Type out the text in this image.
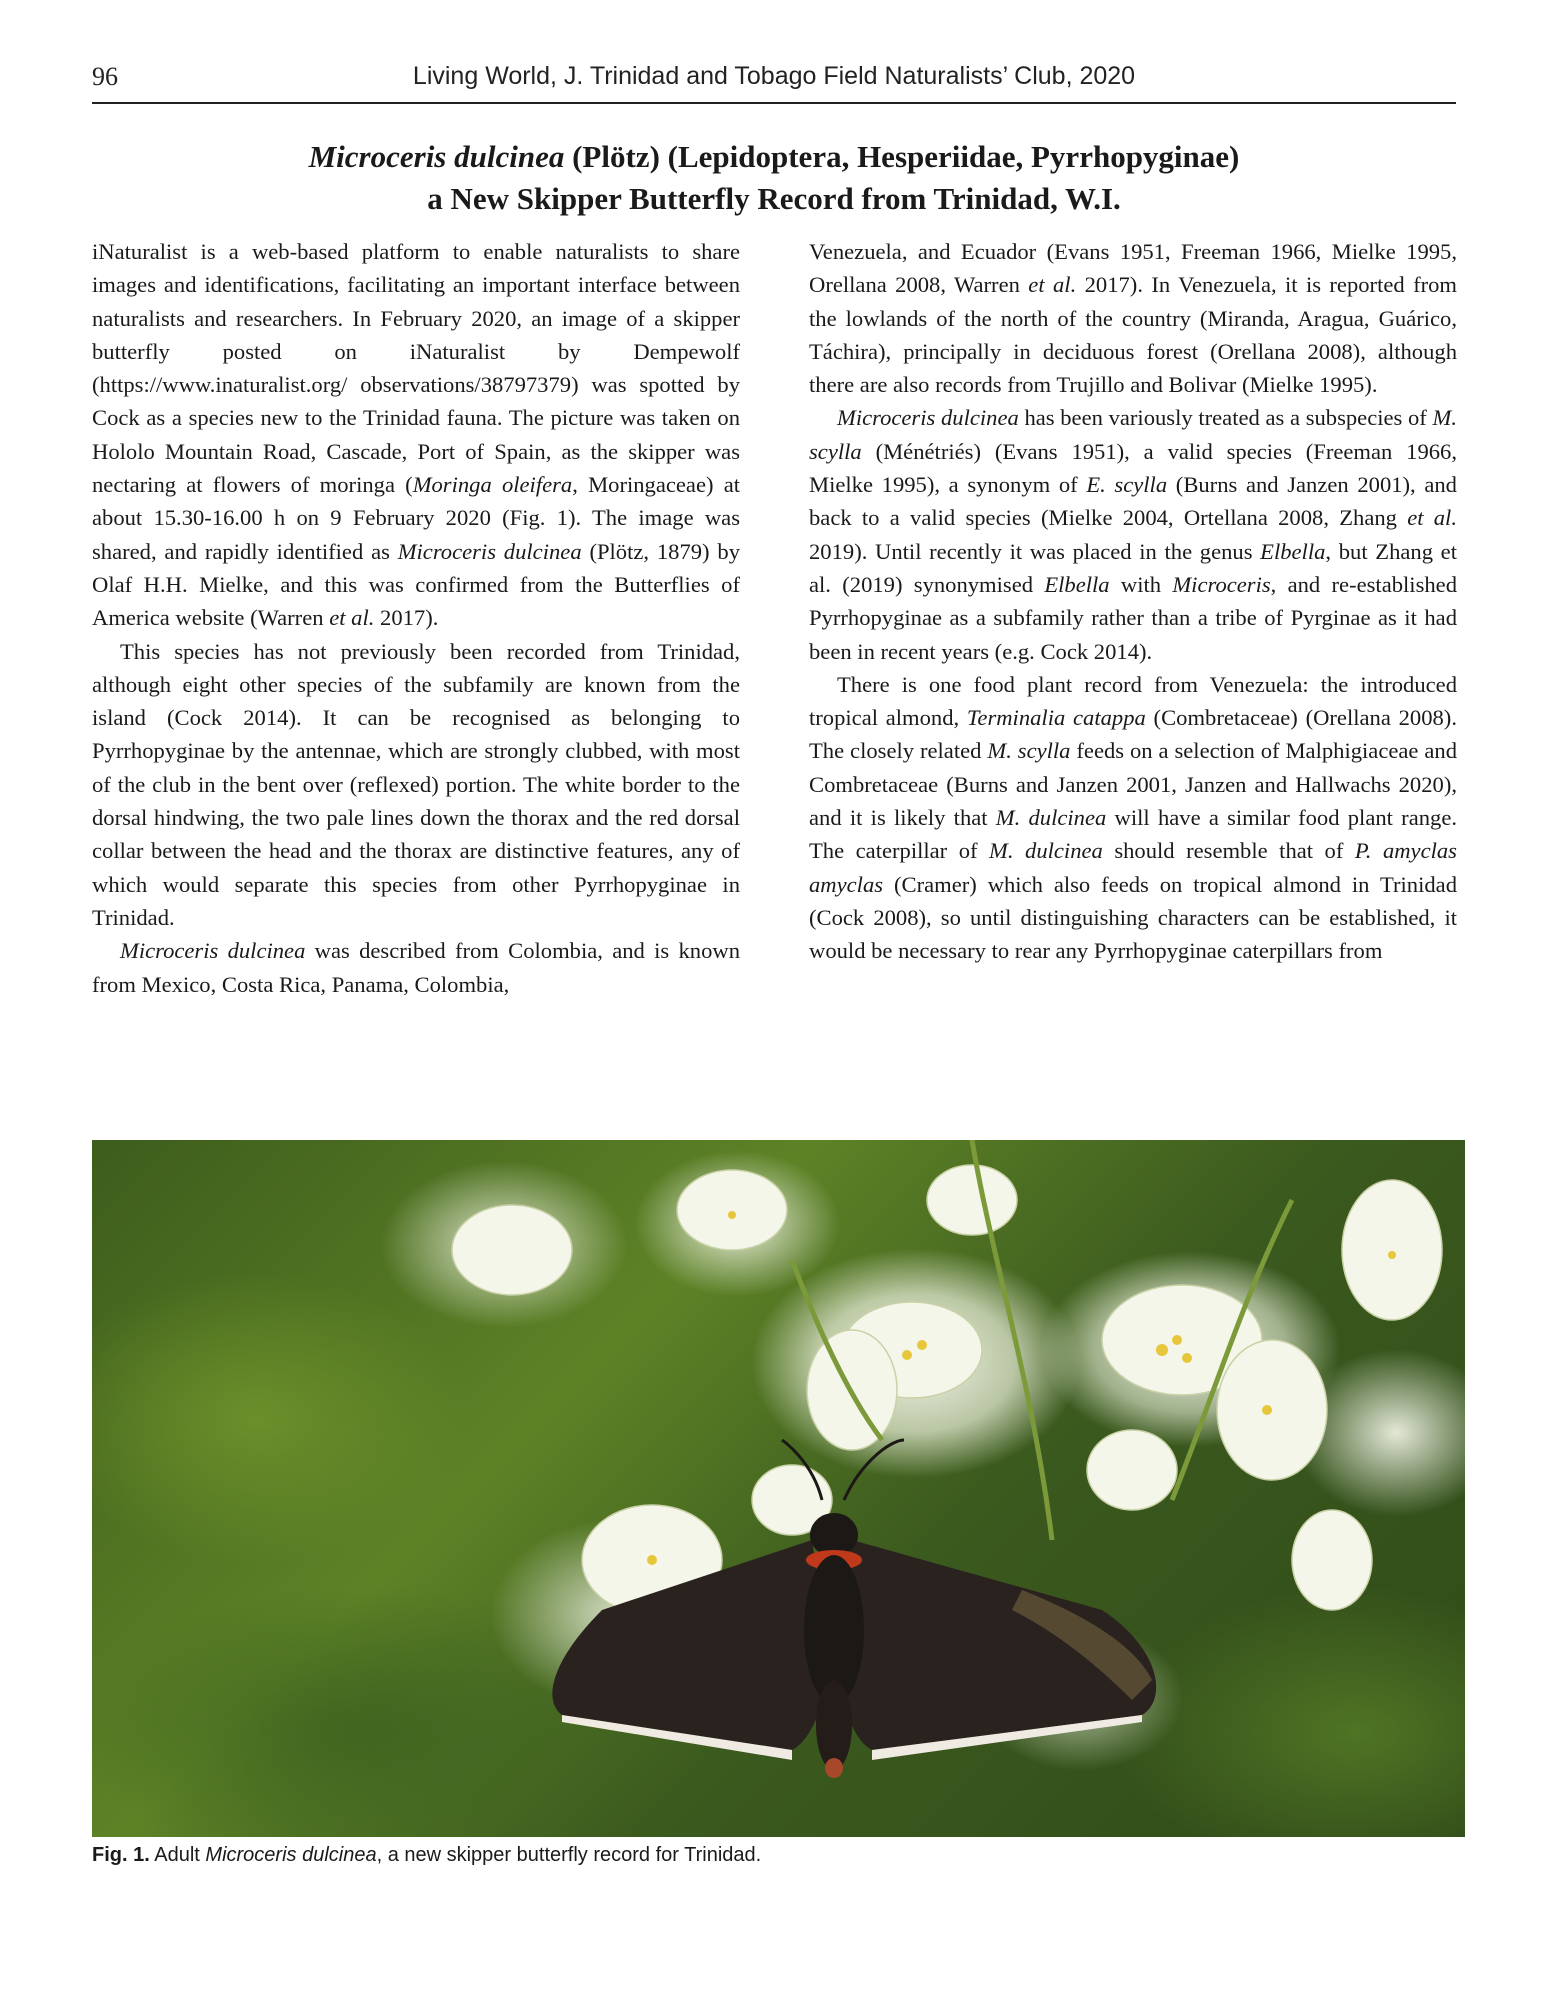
96	Living World, J. Trinidad and Tobago Field Naturalists’ Club, 2020
Microceris dulcinea (Plötz) (Lepidoptera, Hesperiidae, Pyrrhopyginae)
a New Skipper Butterfly Record from Trinidad, W.I.

iNaturalist is a web-based platform to enable naturalists to share images and identifications, facilitating an important interface between naturalists and researchers. In February 2020, an image of a skipper butterfly posted on iNaturalist by Dempewolf (https://www.inaturalist.org/ observations/38797379) was spotted by Cock as a species new to the Trinidad fauna. The picture was taken on Hololo Mountain Road, Cascade, Port of Spain, as the skipper was nectaring at flowers of moringa (Moringa oleifera, Moringaceae) at about 15.30-16.00 h on 9 February 2020 (Fig. 1). The image was shared, and rapidly identified as Microceris dulcinea (Plötz, 1879) by Olaf H.H. Mielke, and this was confirmed from the Butterflies of America website (Warren et al. 2017).

This species has not previously been recorded from Trinidad, although eight other species of the subfamily are known from the island (Cock 2014). It can be recognised as belonging to Pyrrhopyginae by the antennae, which are strongly clubbed, with most of the club in the bent over (reflexed) portion. The white border to the dorsal hindwing, the two pale lines down the thorax and the red dorsal collar between the head and the thorax are distinctive features, any of which would separate this species from other Pyrrhopyginae in Trinidad.

Microceris dulcinea was described from Colombia, and is known from Mexico, Costa Rica, Panama, Colombia,

Venezuela, and Ecuador (Evans 1951, Freeman 1966, Mielke 1995, Orellana 2008, Warren et al. 2017). In Venezuela, it is reported from the lowlands of the north of the country (Miranda, Aragua, Guárico, Táchira), principally in deciduous forest (Orellana 2008), although there are also records from Trujillo and Bolivar (Mielke 1995).

Microceris dulcinea has been variously treated as a subspecies of M. scylla (Ménétriés) (Evans 1951), a valid species (Freeman 1966, Mielke 1995), a synonym of E. scylla (Burns and Janzen 2001), and back to a valid species (Mielke 2004, Ortellana 2008, Zhang et al. 2019). Until recently it was placed in the genus Elbella, but Zhang et al. (2019) synonymised Elbella with Microceris, and re-established Pyrrhopyginae as a subfamily rather than a tribe of Pyrginae as it had been in recent years (e.g. Cock 2014).

There is one food plant record from Venezuela: the introduced tropical almond, Terminalia catappa (Combretaceae) (Orellana 2008). The closely related M. scylla feeds on a selection of Malphigiaceae and Combretaceae (Burns and Janzen 2001, Janzen and Hallwachs 2020), and it is likely that M. dulcinea will have a similar food plant range. The caterpillar of M. dulcinea should resemble that of P. amyclas amyclas (Cramer) which also feeds on tropical almond in Trinidad (Cock 2008), so until distinguishing characters can be established, it would be necessary to rear any Pyrrhopyginae caterpillars from

Fig. 1. Adult Microceris dulcinea, a new skipper butterfly record for Trinidad.
